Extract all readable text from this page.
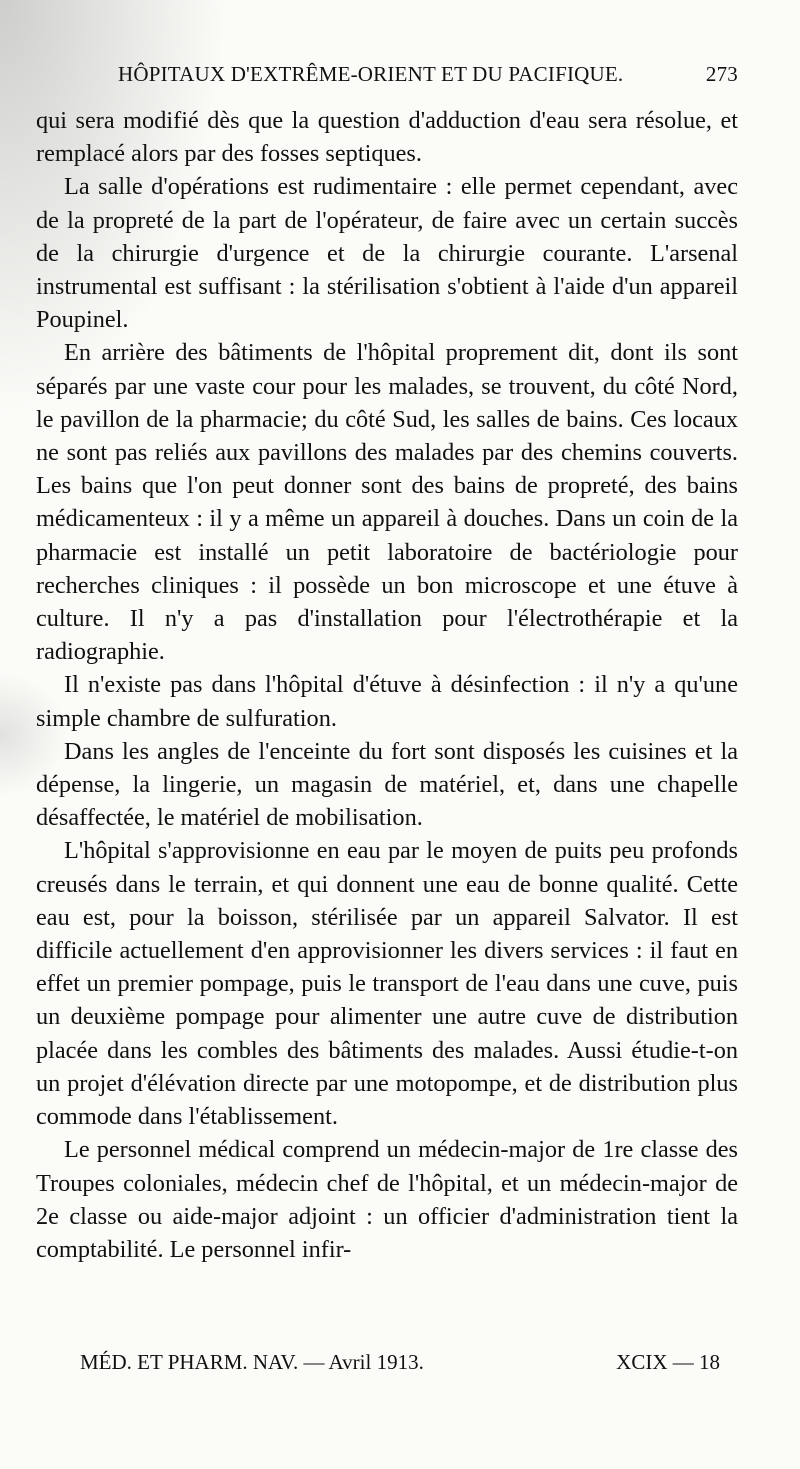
HÔPITAUX D'EXTRÊME-ORIENT ET DU PACIFIQUE.	273

qui sera modifié dès que la question d'adduction d'eau sera résolue, et remplacé alors par des fosses septiques.

La salle d'opérations est rudimentaire : elle permet cependant, avec de la propreté de la part de l'opérateur, de faire avec un certain succès de la chirurgie d'urgence et de la chirurgie courante. L'arsenal instrumental est suffisant : la stérilisation s'obtient à l'aide d'un appareil Poupinel.

En arrière des bâtiments de l'hôpital proprement dit, dont ils sont séparés par une vaste cour pour les malades, se trouvent, du côté Nord, le pavillon de la pharmacie; du côté Sud, les salles de bains. Ces locaux ne sont pas reliés aux pavillons des malades par des chemins couverts. Les bains que l'on peut donner sont des bains de propreté, des bains médicamenteux : il y a même un appareil à douches. Dans un coin de la pharmacie est installé un petit laboratoire de bactériologie pour recherches cliniques : il possède un bon microscope et une étuve à culture. Il n'y a pas d'installation pour l'électrothérapie et la radiographie.

Il n'existe pas dans l'hôpital d'étuve à désinfection : il n'y a qu'une simple chambre de sulfuration.

Dans les angles de l'enceinte du fort sont disposés les cuisines et la dépense, la lingerie, un magasin de matériel, et, dans une chapelle désaffectée, le matériel de mobilisation.

L'hôpital s'approvisionne en eau par le moyen de puits peu profonds creusés dans le terrain, et qui donnent une eau de bonne qualité. Cette eau est, pour la boisson, stérilisée par un appareil Salvator. Il est difficile actuellement d'en approvisionner les divers services : il faut en effet un premier pompage, puis le transport de l'eau dans une cuve, puis un deuxième pompage pour alimenter une autre cuve de distribution placée dans les combles des bâtiments des malades. Aussi étudie-t-on un projet d'élévation directe par une motopompe, et de distribution plus commode dans l'établissement.

Le personnel médical comprend un médecin-major de 1re classe des Troupes coloniales, médecin chef de l'hôpital, et un médecin-major de 2e classe ou aide-major adjoint : un officier d'administration tient la comptabilité. Le personnel infir-

MÉD. ET PHARM. NAV. — Avril 1913.	XCIX — 18
